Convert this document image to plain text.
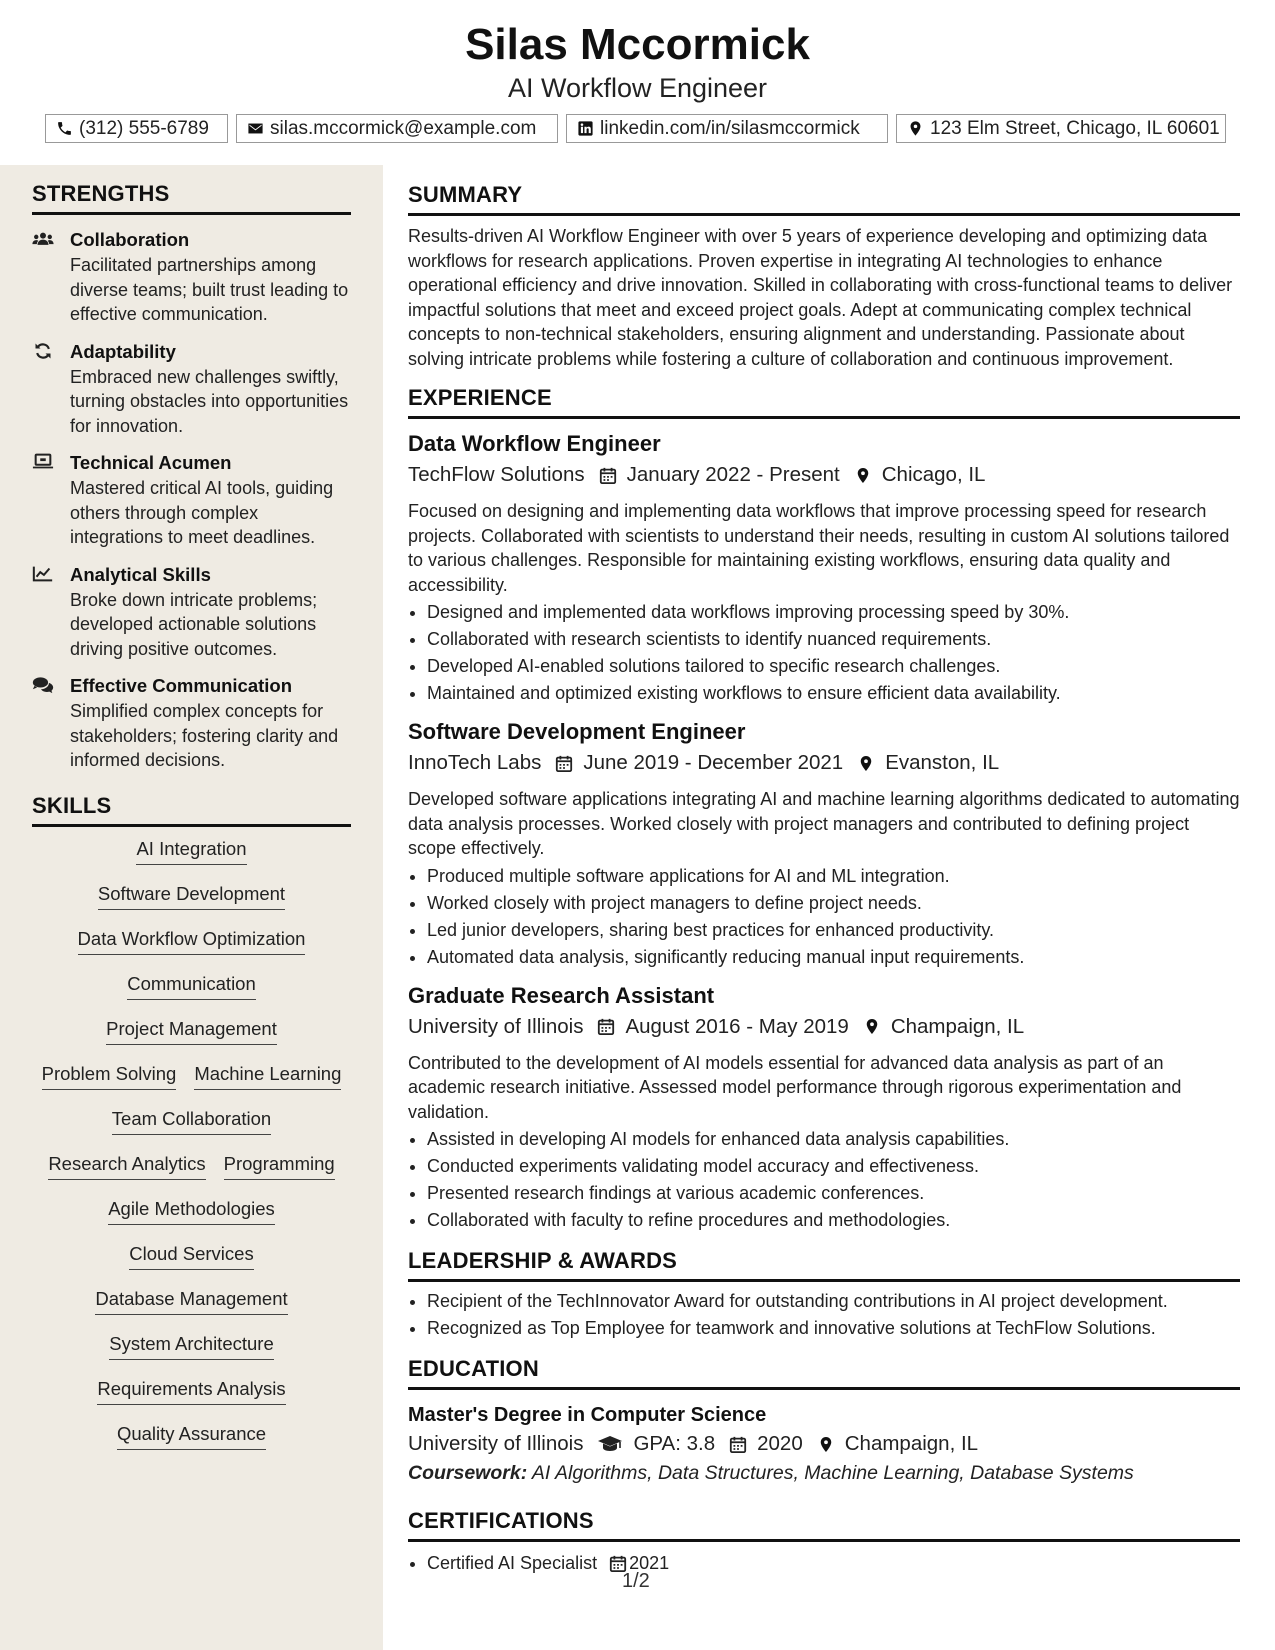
Silas Mccormick
AI Workflow Engineer
(312) 555-6789	silas.mccormick@example.com	linkedin.com/in/silasmccormick	123 Elm Street, Chicago, IL 60601
STRENGTHS
Collaboration
Facilitated partnerships among diverse teams; built trust leading to effective communication.
Adaptability
Embraced new challenges swiftly, turning obstacles into opportunities for innovation.
Technical Acumen
Mastered critical AI tools, guiding others through complex integrations to meet deadlines.
Analytical Skills
Broke down intricate problems; developed actionable solutions driving positive outcomes.
Effective Communication
Simplified complex concepts for stakeholders; fostering clarity and informed decisions.
SKILLS
AI Integration
Software Development
Data Workflow Optimization
Communication
Project Management
Problem Solving Machine Learning
Team Collaboration
Research Analytics Programming
Agile Methodologies
Cloud Services
Database Management
System Architecture
Requirements Analysis
Quality Assurance
SUMMARY

Results-driven AI Workflow Engineer with over 5 years of experience developing and optimizing data workflows for research applications. Proven expertise in integrating AI technologies to enhance operational efficiency and drive innovation. Skilled in collaborating with cross-functional teams to deliver impactful solutions that meet and exceed project goals. Adept at communicating complex technical concepts to non-technical stakeholders, ensuring alignment and understanding. Passionate about solving intricate problems while fostering a culture of collaboration and continuous improvement.

EXPERIENCE
Data Workflow Engineer
TechFlow Solutions January 2022 - Present Chicago, IL

Focused on designing and implementing data workflows that improve processing speed for research projects. Collaborated with scientists to understand their needs, resulting in custom AI solutions tailored to various challenges. Responsible for maintaining existing workflows, ensuring data quality and accessibility.

• Designed and implemented data workflows improving processing speed by 30%.
• Collaborated with research scientists to identify nuanced requirements.
• Developed AI-enabled solutions tailored to specific research challenges.
• Maintained and optimized existing workflows to ensure efficient data availability.
Software Development Engineer
InnoTech Labs June 2019 - December 2021 Evanston, IL

Developed software applications integrating AI and machine learning algorithms dedicated to automating data analysis processes. Worked closely with project managers and contributed to defining project scope effectively.

• Produced multiple software applications for AI and ML integration.
• Worked closely with project managers to define project needs.
• Led junior developers, sharing best practices for enhanced productivity.
• Automated data analysis, significantly reducing manual input requirements.
Graduate Research Assistant
University of Illinois August 2016 - May 2019 Champaign, IL

Contributed to the development of AI models essential for advanced data analysis as part of an academic research initiative. Assessed model performance through rigorous experimentation and validation.

• Assisted in developing AI models for enhanced data analysis capabilities.
• Conducted experiments validating model accuracy and effectiveness.
• Presented research findings at various academic conferences.
• Collaborated with faculty to refine procedures and methodologies.
LEADERSHIP & AWARDS
• Recipient of the TechInnovator Award for outstanding contributions in AI project development.
• Recognized as Top Employee for teamwork and innovative solutions at TechFlow Solutions.
EDUCATION
Master's Degree in Computer Science
University of Illinois GPA: 3.8 2020 Champaign, IL
Coursework: AI Algorithms, Data Structures, Machine Learning, Database Systems
CERTIFICATIONS
• Certified AI Specialist 2021
1/2
